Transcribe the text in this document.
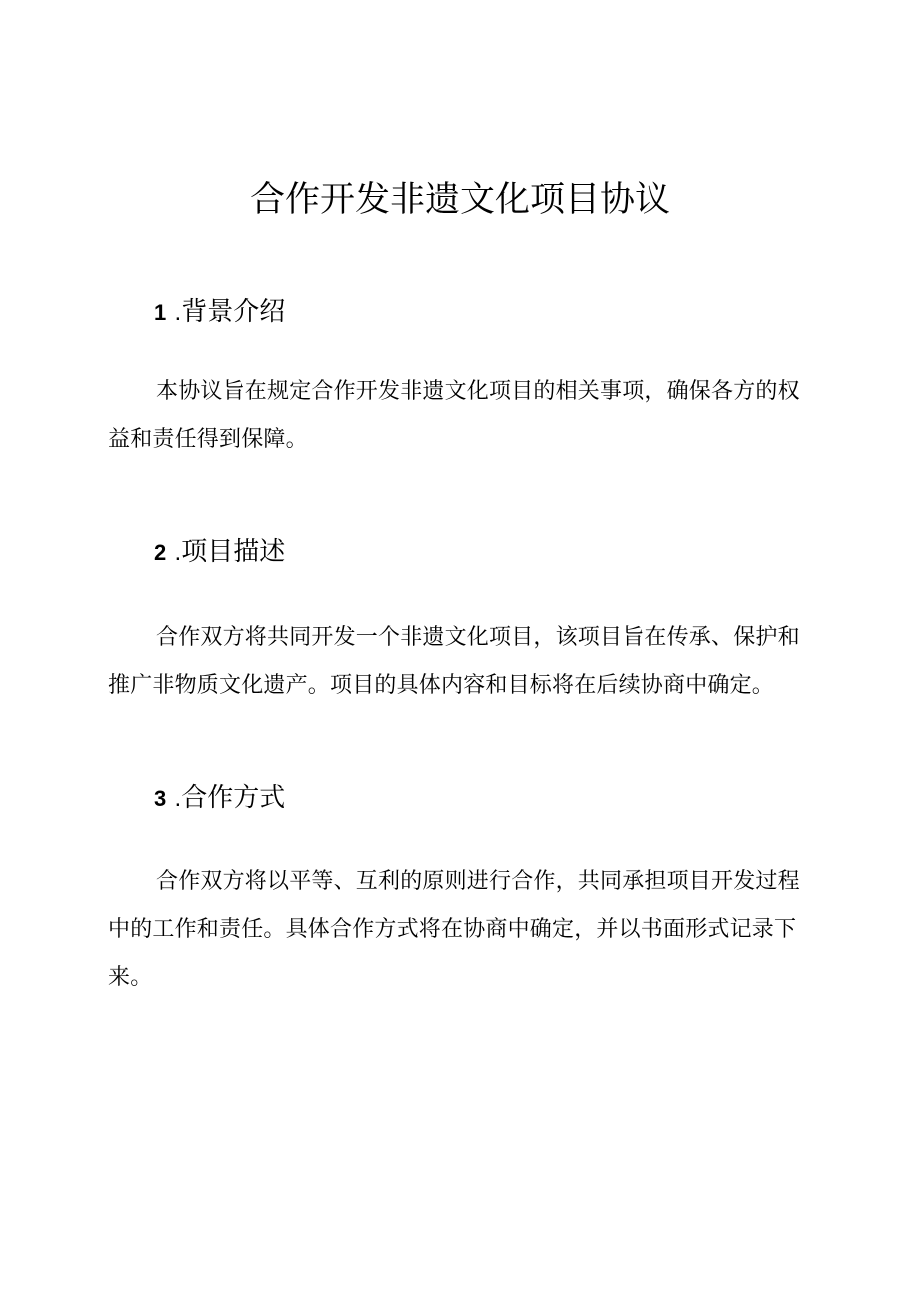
合作开发非遗文化项目协议
1 .背景介绍

本协议旨在规定合作开发非遗文化项目的相关事项，确保各方的权益和责任得到保障。

2 .项目描述

合作双方将共同开发一个非遗文化项目，该项目旨在传承、保护和推广非物质文化遗产。项目的具体内容和目标将在后续协商中确定。

3 .合作方式

合作双方将以平等、互利的原则进行合作，共同承担项目开发过程中的工作和责任。具体合作方式将在协商中确定，并以书面形式记录下来。
